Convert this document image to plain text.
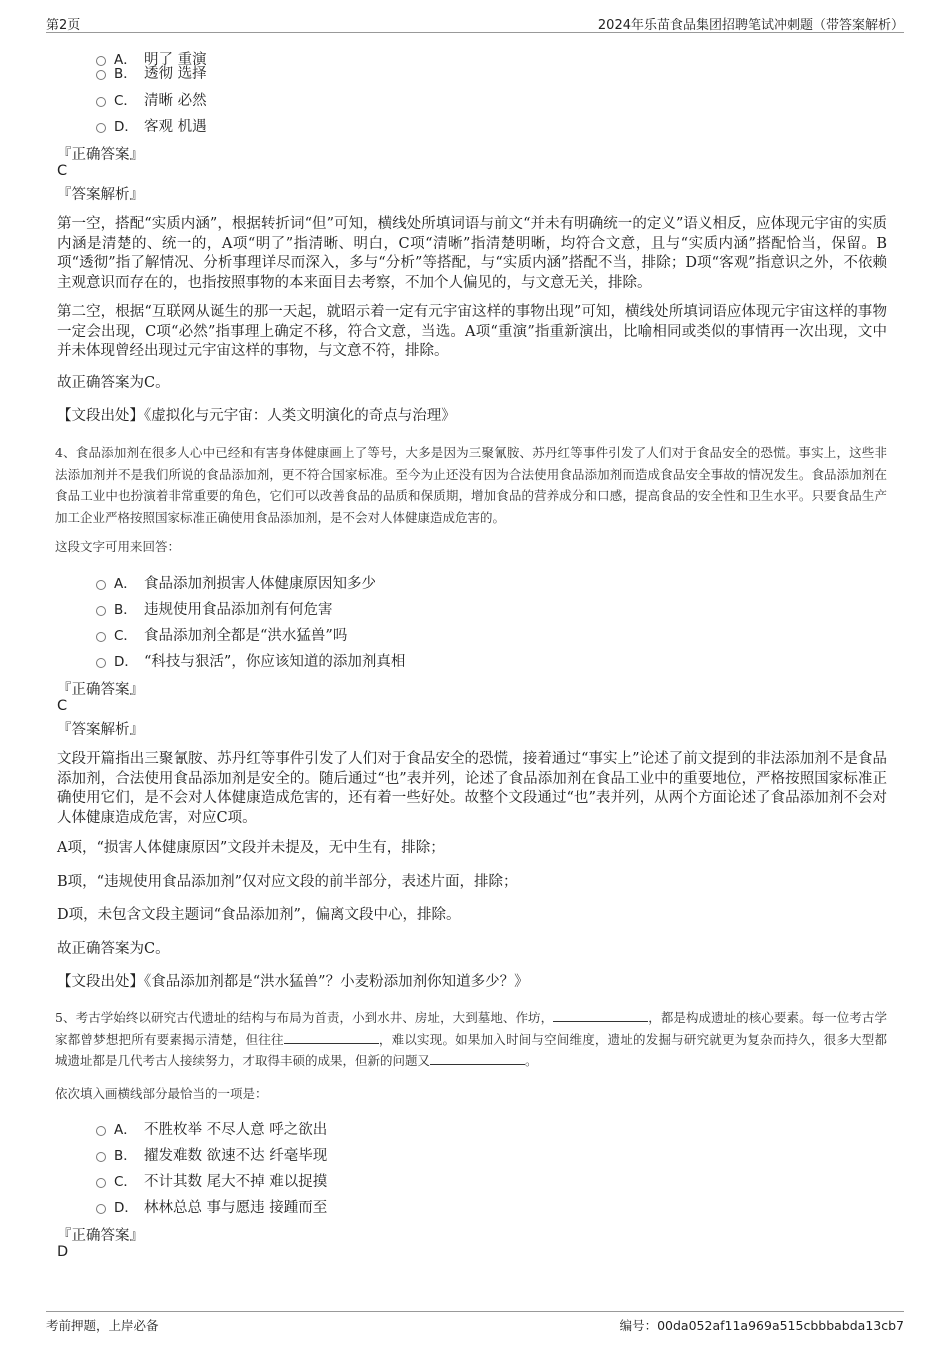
第2页	2024年乐苗食品集团招聘笔试冲刺题（带答案解析）
A． 明了 重演
B． 透彻 选择
C． 清晰 必然
D． 客观 机遇
『正确答案』
C
『答案解析』
第一空，搭配“实质内涵”，根据转折词“但”可知，横线处所填词语与前文“并未有明确统一的定义”语义相反，应体现元宇宙的实质内涵是清楚的、统一的，A项“明了”指清晰、明白，C项“清晰”指清楚明晰，均符合文意，且与“实质内涵”搭配恰当，保留。B项“透彻”指了解情况、分析事理详尽而深入，多与“分析”等搭配，与“实质内涵”搭配不当，排除；D项“客观”指意识之外，不依赖主观意识而存在的，也指按照事物的本来面目去考察，不加个人偏见的，与文意无关，排除。
第二空，根据“互联网从诞生的那一天起，就昭示着一定有元宇宙这样的事物出现”可知，横线处所填词语应体现元宇宙这样的事物一定会出现，C项“必然”指事理上确定不移，符合文意，当选。A项“重演”指重新演出，比喻相同或类似的事情再一次出现，文中并未体现曾经出现过元宇宙这样的事物，与文意不符，排除。
故正确答案为C。
【文段出处】《虚拟化与元宇宙：人类文明演化的奇点与治理》
4、食品添加剂在很多人心中已经和有害身体健康画上了等号，大多是因为三聚氰胺、苏丹红等事件引发了人们对于食品安全的恐慌。事实上，这些非法添加剂并不是我们所说的食品添加剂，更不符合国家标准。至今为止还没有因为合法使用食品添加剂而造成食品安全事故的情况发生。食品添加剂在食品工业中也扮演着非常重要的角色，它们可以改善食品的品质和保质期，增加食品的营养成分和口感，提高食品的安全性和卫生水平。只要食品生产加工企业严格按照国家标准正确使用食品添加剂，是不会对人体健康造成危害的。
这段文字可用来回答：
A． 食品添加剂损害人体健康原因知多少
B． 违规使用食品添加剂有何危害
C． 食品添加剂全都是“洪水猛兽”吗
D． “科技与狠活”，你应该知道的添加剂真相
『正确答案』
C
『答案解析』
文段开篇指出三聚氰胺、苏丹红等事件引发了人们对于食品安全的恐慌，接着通过“事实上”论述了前文提到的非法添加剂不是食品添加剂，合法使用食品添加剂是安全的。随后通过“也”表并列，论述了食品添加剂在食品工业中的重要地位，严格按照国家标准正确使用它们，是不会对人体健康造成危害的，还有着一些好处。故整个文段通过“也”表并列，从两个方面论述了食品添加剂不会对人体健康造成危害，对应C项。
A项，“损害人体健康原因”文段并未提及，无中生有，排除；
B项，“违规使用食品添加剂”仅对应文段的前半部分，表述片面，排除；
D项，未包含文段主题词“食品添加剂”，偏离文段中心，排除。
故正确答案为C。
【文段出处】《食品添加剂都是“洪水猛兽”？小麦粉添加剂你知道多少？》
5、考古学始终以研究古代遗址的结构与布局为首责，小到水井、房址，大到墓地、作坊，	，都是构成遗址的核心要素。每一位考古学家都曾梦想把所有要素揭示清楚，但往往	，难以实现。如果加入时间与空间维度，遗址的发掘与研究就更为复杂而持久，很多大型都城遗址都是几代考古人接续努力，才取得丰硕的成果，但新的问题又	。
依次填入画横线部分最恰当的一项是：
A． 不胜枚举 不尽人意 呼之欲出
B． 擢发难数 欲速不达 纤毫毕现
C． 不计其数 尾大不掉 难以捉摸
D． 林林总总 事与愿违 接踵而至
『正确答案』
D
考前押题，上岸必备	编号：00da052af11a969a515cbbbabda13cb7
